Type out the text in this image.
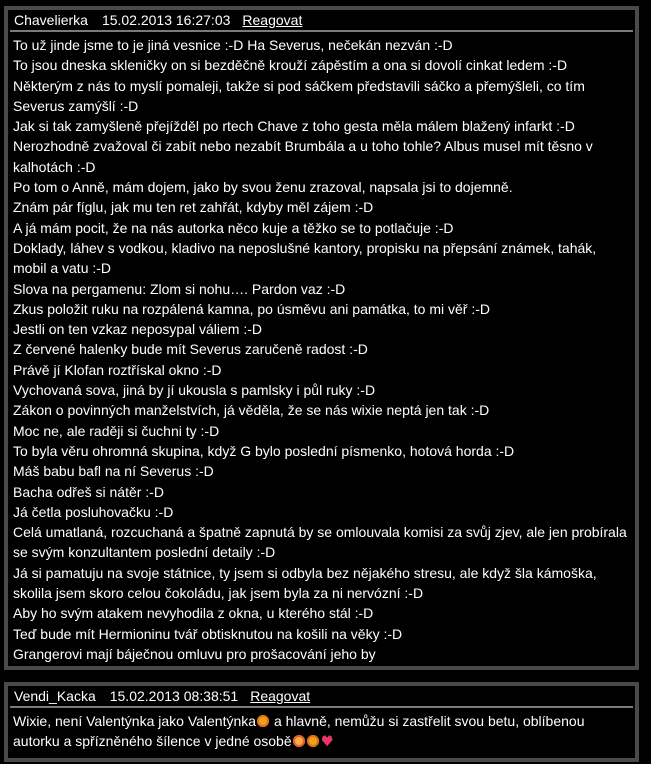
Chavelierka 15.02.2013 16:27:03 Reagovat
To už jinde jsme to je jiná vesnice :-D Ha Severus, nečekán nezván :-D
To jsou dneska skleničky on si bezděčně krouží zápěstím a ona si dovolí cinkat ledem :-D
Některým z nás to myslí pomaleji, takže si pod sáčkem představili sáčko a přemýšleli, co tím
Severus zamýšlí :-D
Jak si tak zamyšleně přejížděl po rtech Chave z toho gesta měla málem blažený infarkt :-D
Nerozhodně zvažoval či zabít nebo nezabít Brumbála a u toho tohle? Albus musel mít těsno v
kalhotách :-D
Po tom o Anně, mám dojem, jako by svou ženu zrazoval, napsala jsi to dojemně.
Znám pár fíglu, jak mu ten ret zahřát, kdyby měl zájem :-D
A já mám pocit, že na nás autorka něco kuje a těžko se to potlačuje :-D
Doklady, láhev s vodkou, kladivo na neposlušné kantory, propisku na přepsání známek, tahák,
mobil a vatu :-D
Slova na pergamenu: Zlom si nohu…. Pardon vaz :-D
Zkus položit ruku na rozpálená kamna, po úsměvu ani památka, to mi věř :-D
Jestli on ten vzkaz neposypal váliem :-D
Z červené halenky bude mít Severus zaručeně radost :-D
Právě jí Klofan roztřískal okno :-D
Vychovaná sova, jiná by jí ukousla s pamlsky i půl ruky :-D
Zákon o povinných manželstvích, já věděla, že se nás wixie neptá jen tak :-D
Moc ne, ale raději si čuchni ty :-D
To byla věru ohromná skupina, když G bylo poslední písmenko, hotová horda :-D
Máš babu bafl na ní Severus :-D
Bacha odřeš si nátěr :-D
Já četla posluhovačku :-D
Celá umatlaná, rozcuchaná a špatně zapnutá by se omlouvala komisi za svůj zjev, ale jen probírala
se svým konzultantem poslední detaily :-D
Já si pamatuju na svoje státnice, ty jsem si odbyla bez nějakého stresu, ale když šla kámoška,
skolila jsem skoro celou čokoládu, jak jsem byla za ni nervózní :-D
Aby ho svým atakem nevyhodila z okna, u kterého stál :-D
Teď bude mít Hermioninu tvář obtisknutou na košili na věky :-D
Grangerovi mají báječnou omluvu pro prošacování jeho by
Vendi_Kacka 15.02.2013 08:38:51 Reagovat
Wixie, není Valentýnka jako Valentýnka a hlavně, nemůžu si zastřelit svou betu, oblíbenou
autorku a spřízněného šílence v jedné osobě
